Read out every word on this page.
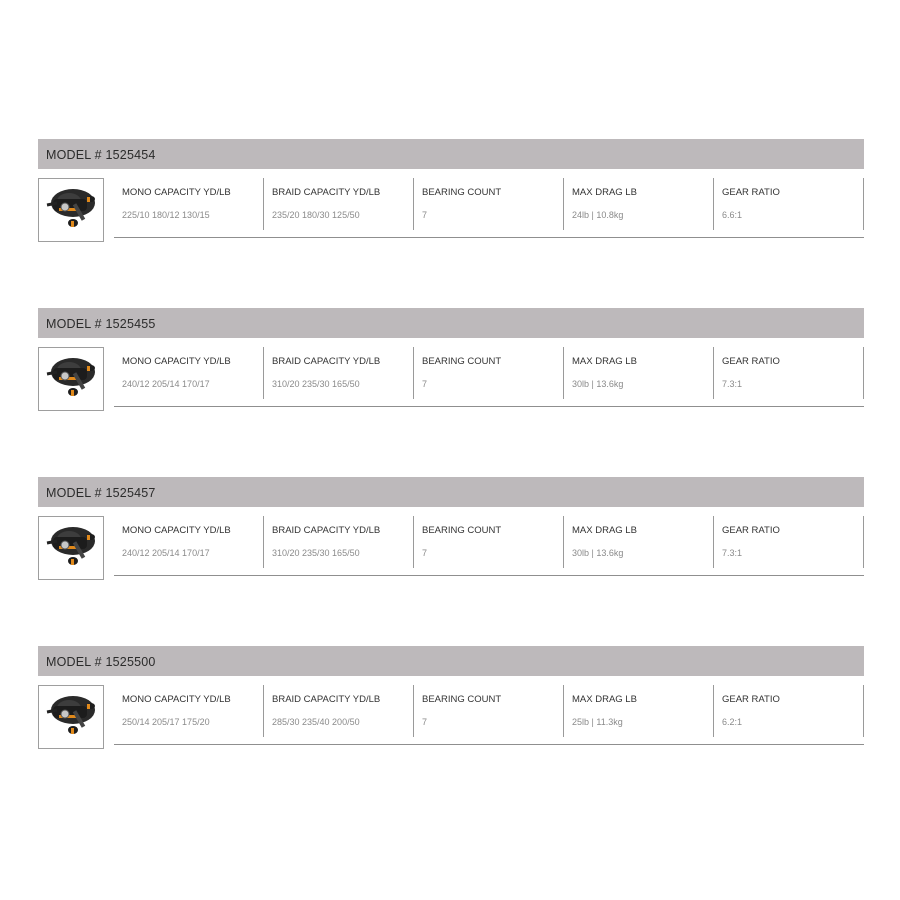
MODEL # 1525454
MONO CAPACITY YD/LB
225/10 180/12 130/15
BRAID CAPACITY YD/LB
235/20 180/30 125/50
BEARING COUNT
7
MAX DRAG LB
24lb | 10.8kg
GEAR RATIO
6.6:1
MODEL # 1525455
MONO CAPACITY YD/LB
240/12 205/14 170/17
BRAID CAPACITY YD/LB
310/20 235/30 165/50
BEARING COUNT
7
MAX DRAG LB
30lb | 13.6kg
GEAR RATIO
7.3:1
MODEL # 1525457
MONO CAPACITY YD/LB
240/12 205/14 170/17
BRAID CAPACITY YD/LB
310/20 235/30 165/50
BEARING COUNT
7
MAX DRAG LB
30lb | 13.6kg
GEAR RATIO
7.3:1
MODEL # 1525500
MONO CAPACITY YD/LB
250/14 205/17 175/20
BRAID CAPACITY YD/LB
285/30 235/40 200/50
BEARING COUNT
7
MAX DRAG LB
25lb | 11.3kg
GEAR RATIO
6.2:1
